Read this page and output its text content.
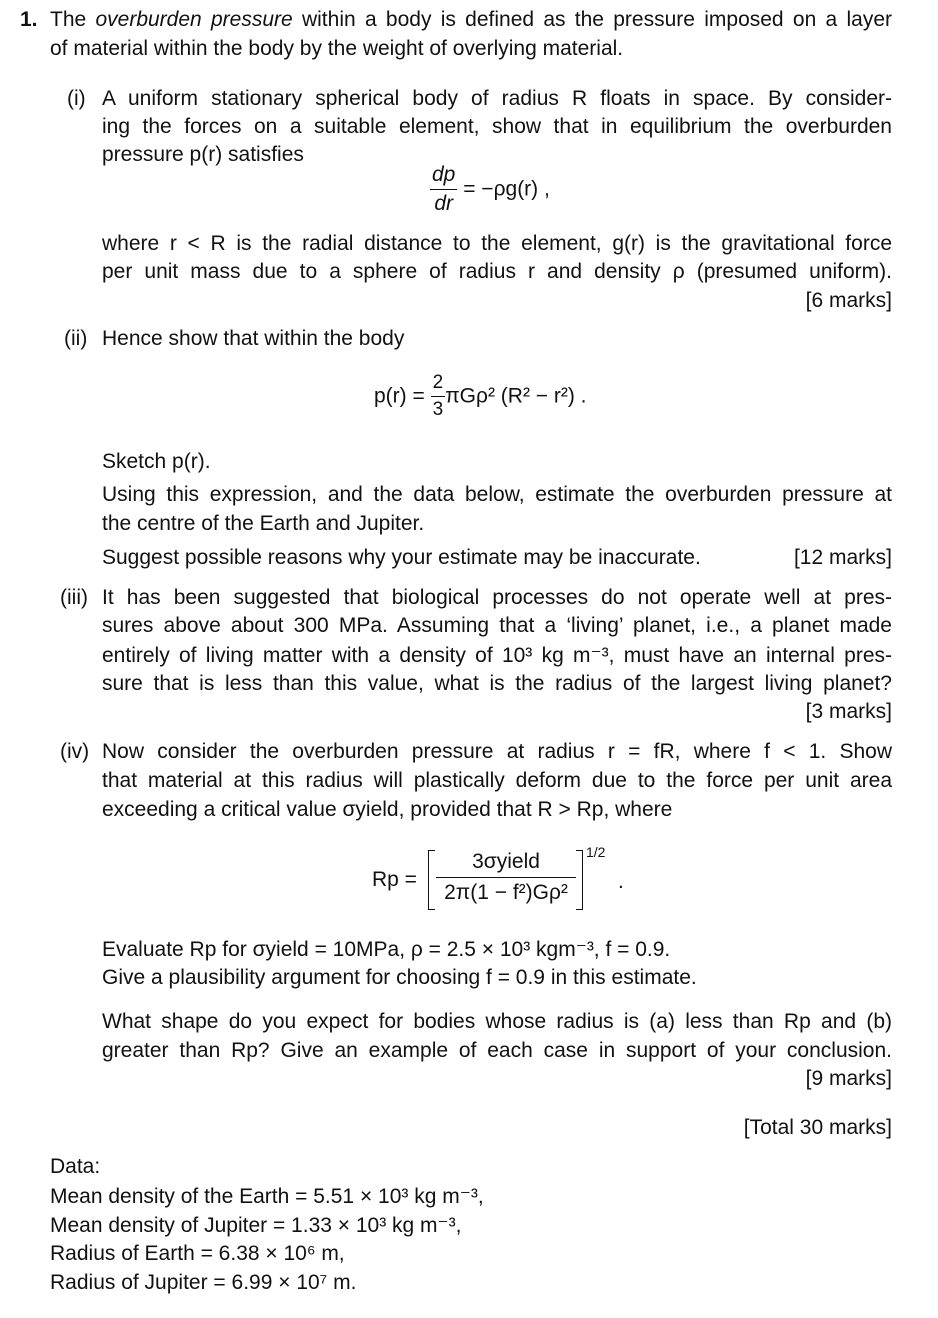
1. The overburden pressure within a body is defined as the pressure imposed on a layer
of material within the body by the weight of overlying material.
(i) A uniform stationary spherical body of radius R floats in space. By consider-
ing the forces on a suitable element, show that in equilibrium the overburden
pressure p(r) satisfies
$\frac{dp}{dr} = -\rho g(r)$ ,
where r < R is the radial distance to the element, g(r) is the gravitational force
per unit mass due to a sphere of radius r and density ρ (presumed uniform).
[6 marks]
(ii) Hence show that within the body
$p(r) = \frac{2}{3} \pi G\rho^2$ (R² − r²) .
Sketch p(r).
Using this expression, and the data below, estimate the overburden pressure at
the centre of the Earth and Jupiter.
Suggest possible reasons why your estimate may be inaccurate.	[12 marks]
(iii) It has been suggested that biological processes do not operate well at pres-
sures above about 300 MPa. Assuming that a ‘living’ planet, i.e., a planet made
entirely of living matter with a density of 10³ kg m⁻³, must have an internal pres-
sure that is less than this value, what is the radius of the largest living planet?
[3 marks]
(iv) Now consider the overburden pressure at radius r = fR, where f < 1. Show
that material at this radius will plastically deform due to the force per unit area
exceeding a critical value σyield, provided that R > Rp, where
Rp =
3σyield
2π(1 − f²)Gρ²
1/2
.
Evaluate Rp for σyield = 10MPa, ρ = 2.5 × 10³ kgm⁻³, f = 0.9.
Give a plausibility argument for choosing f = 0.9 in this estimate.
What shape do you expect for bodies whose radius is (a) less than Rp and (b)
greater than Rp? Give an example of each case in support of your conclusion.
[9 marks]
[Total 30 marks]
Data:
Mean density of the Earth = 5.51 × 10³ kg m⁻³,
Mean density of Jupiter = 1.33 × 10³ kg m⁻³,
Radius of Earth = 6.38 × 10⁶ m,
Radius of Jupiter = 6.99 × 10⁷ m.
